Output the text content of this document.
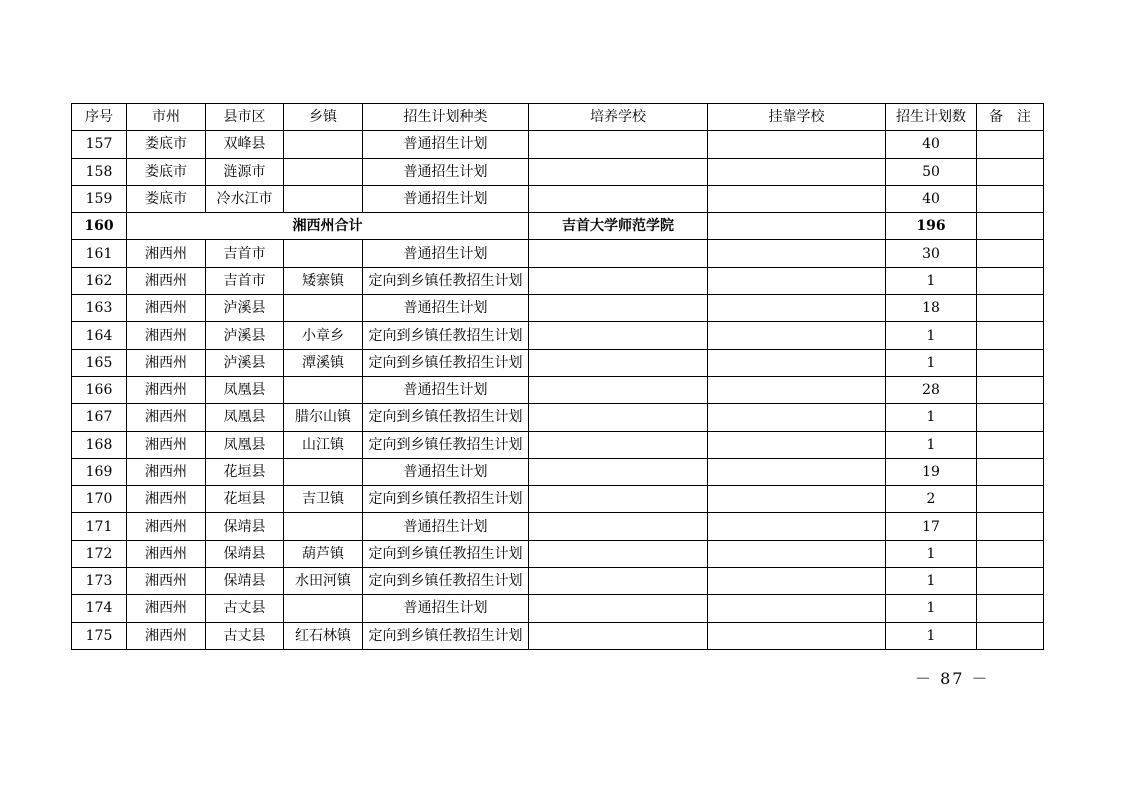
序号	市州	县市区	乡镇	招生计划种类	培养学校	挂靠学校	招生计划数	备　注
157	娄底市	双峰县		普通招生计划			40	
158	娄底市	涟源市		普通招生计划			50	
159	娄底市	冷水江市		普通招生计划			40	
160	湘西州合计				吉首大学师范学院		196	
161	湘西州	吉首市		普通招生计划			30	
162	湘西州	吉首市	矮寨镇	定向到乡镇任教招生计划			1	
163	湘西州	泸溪县		普通招生计划			18	
164	湘西州	泸溪县	小章乡	定向到乡镇任教招生计划			1	
165	湘西州	泸溪县	潭溪镇	定向到乡镇任教招生计划			1	
166	湘西州	凤凰县		普通招生计划			28	
167	湘西州	凤凰县	腊尔山镇	定向到乡镇任教招生计划			1	
168	湘西州	凤凰县	山江镇	定向到乡镇任教招生计划			1	
169	湘西州	花垣县		普通招生计划			19	
170	湘西州	花垣县	吉卫镇	定向到乡镇任教招生计划			2	
171	湘西州	保靖县		普通招生计划			17	
172	湘西州	保靖县	葫芦镇	定向到乡镇任教招生计划			1	
173	湘西州	保靖县	水田河镇	定向到乡镇任教招生计划			1	
174	湘西州	古丈县		普通招生计划			1	
175	湘西州	古丈县	红石林镇	定向到乡镇任教招生计划			1	
－ 87 －
